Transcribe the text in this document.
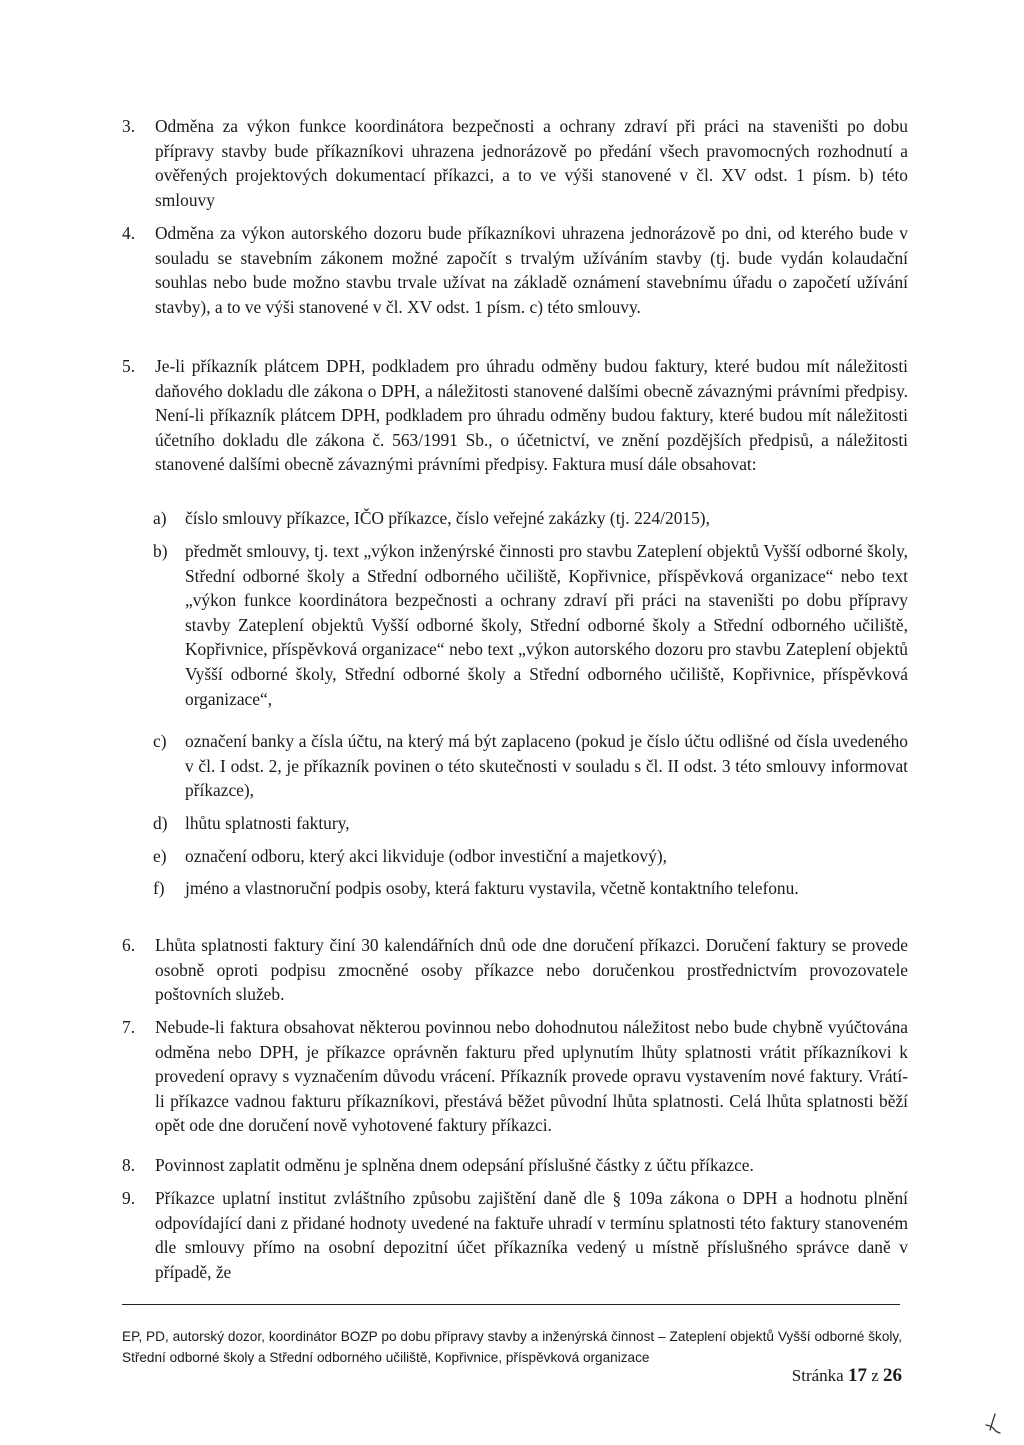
3.	Odměna za výkon funkce koordinátora bezpečnosti a ochrany zdraví při práci na staveništi po dobu přípravy stavby bude příkazníkovi uhrazena jednorázově po předání všech pravomocných rozhodnutí a ověřených projektových dokumentací příkazci, a to ve výši stanovené v čl. XV odst. 1 písm. b) této smlouvy
4.	Odměna za výkon autorského dozoru bude příkazníkovi uhrazena jednorázově po dni, od kterého bude v souladu se stavebním zákonem možné započít s trvalým užíváním stavby (tj. bude vydán kolaudační souhlas nebo bude možno stavbu trvale užívat na základě oznámení stavebnímu úřadu o započetí užívání stavby), a to ve výši stanovené v čl. XV odst. 1 písm. c) této smlouvy.
5.	Je-li příkazník plátcem DPH, podkladem pro úhradu odměny budou faktury, které budou mít náležitosti daňového dokladu dle zákona o DPH, a náležitosti stanovené dalšími obecně závaznými právními předpisy. Není-li příkazník plátcem DPH, podkladem pro úhradu odměny budou faktury, které budou mít náležitosti účetního dokladu dle zákona č. 563/1991 Sb., o účetnictví, ve znění pozdějších předpisů, a náležitosti stanovené dalšími obecně závaznými právními předpisy. Faktura musí dále obsahovat:
a)	číslo smlouvy příkazce, IČO příkazce, číslo veřejné zakázky (tj. 224/2015),
b)	předmět smlouvy, tj. text „výkon inženýrské činnosti pro stavbu Zateplení objektů Vyšší odborné školy, Střední odborné školy a Střední odborného učiliště, Kopřivnice, příspěvková organizace“ nebo text „výkon funkce koordinátora bezpečnosti a ochrany zdraví při práci na staveništi po dobu přípravy stavby Zateplení objektů Vyšší odborné školy, Střední odborné školy a Střední odborného učiliště, Kopřivnice, příspěvková organizace“ nebo text „výkon autorského dozoru pro stavbu Zateplení objektů Vyšší odborné školy, Střední odborné školy a Střední odborného učiliště, Kopřivnice, příspěvková organizace“,
c)	označení banky a čísla účtu, na který má být zaplaceno (pokud je číslo účtu odlišné od čísla uvedeného v čl. I odst. 2, je příkazník povinen o této skutečnosti v souladu s čl. II odst. 3 této smlouvy informovat příkazce),
d)	lhůtu splatnosti faktury,
e)	označení odboru, který akci likviduje (odbor investiční a majetkový),
f)	jméno a vlastnoruční podpis osoby, která fakturu vystavila, včetně kontaktního telefonu.
6.	Lhůta splatnosti faktury činí 30 kalendářních dnů ode dne doručení příkazci. Doručení faktury se provede osobně oproti podpisu zmocněné osoby příkazce nebo doručenkou prostřednictvím provozovatele poštovních služeb.
7.	Nebude-li faktura obsahovat některou povinnou nebo dohodnutou náležitost nebo bude chybně vyúčtována odměna nebo DPH, je příkazce oprávněn fakturu před uplynutím lhůty splatnosti vrátit příkazníkovi k provedení opravy s vyznačením důvodu vrácení. Příkazník provede opravu vystavením nové faktury. Vrátí-li příkazce vadnou fakturu příkazníkovi, přestává běžet původní lhůta splatnosti. Celá lhůta splatnosti běží opět ode dne doručení nově vyhotovené faktury příkazci.
8.	Povinnost zaplatit odměnu je splněna dnem odepsání příslušné částky z účtu příkazce.
9.	Příkazce uplatní institut zvláštního způsobu zajištění daně dle § 109a zákona o DPH a hodnotu plnění odpovídající dani z přidané hodnoty uvedené na faktuře uhradí v termínu splatnosti této faktury stanoveném dle smlouvy přímo na osobní depozitní účet příkazníka vedený u místně příslušného správce daně v případě, že
EP, PD, autorský dozor, koordinátor BOZP po dobu přípravy stavby a inženýrská činnost – Zateplení objektů Vyšší odborné školy, Střední odborné školy a Střední odborného učiliště, Kopřivnice, příspěvková organizace
Stránka 17 z 26
